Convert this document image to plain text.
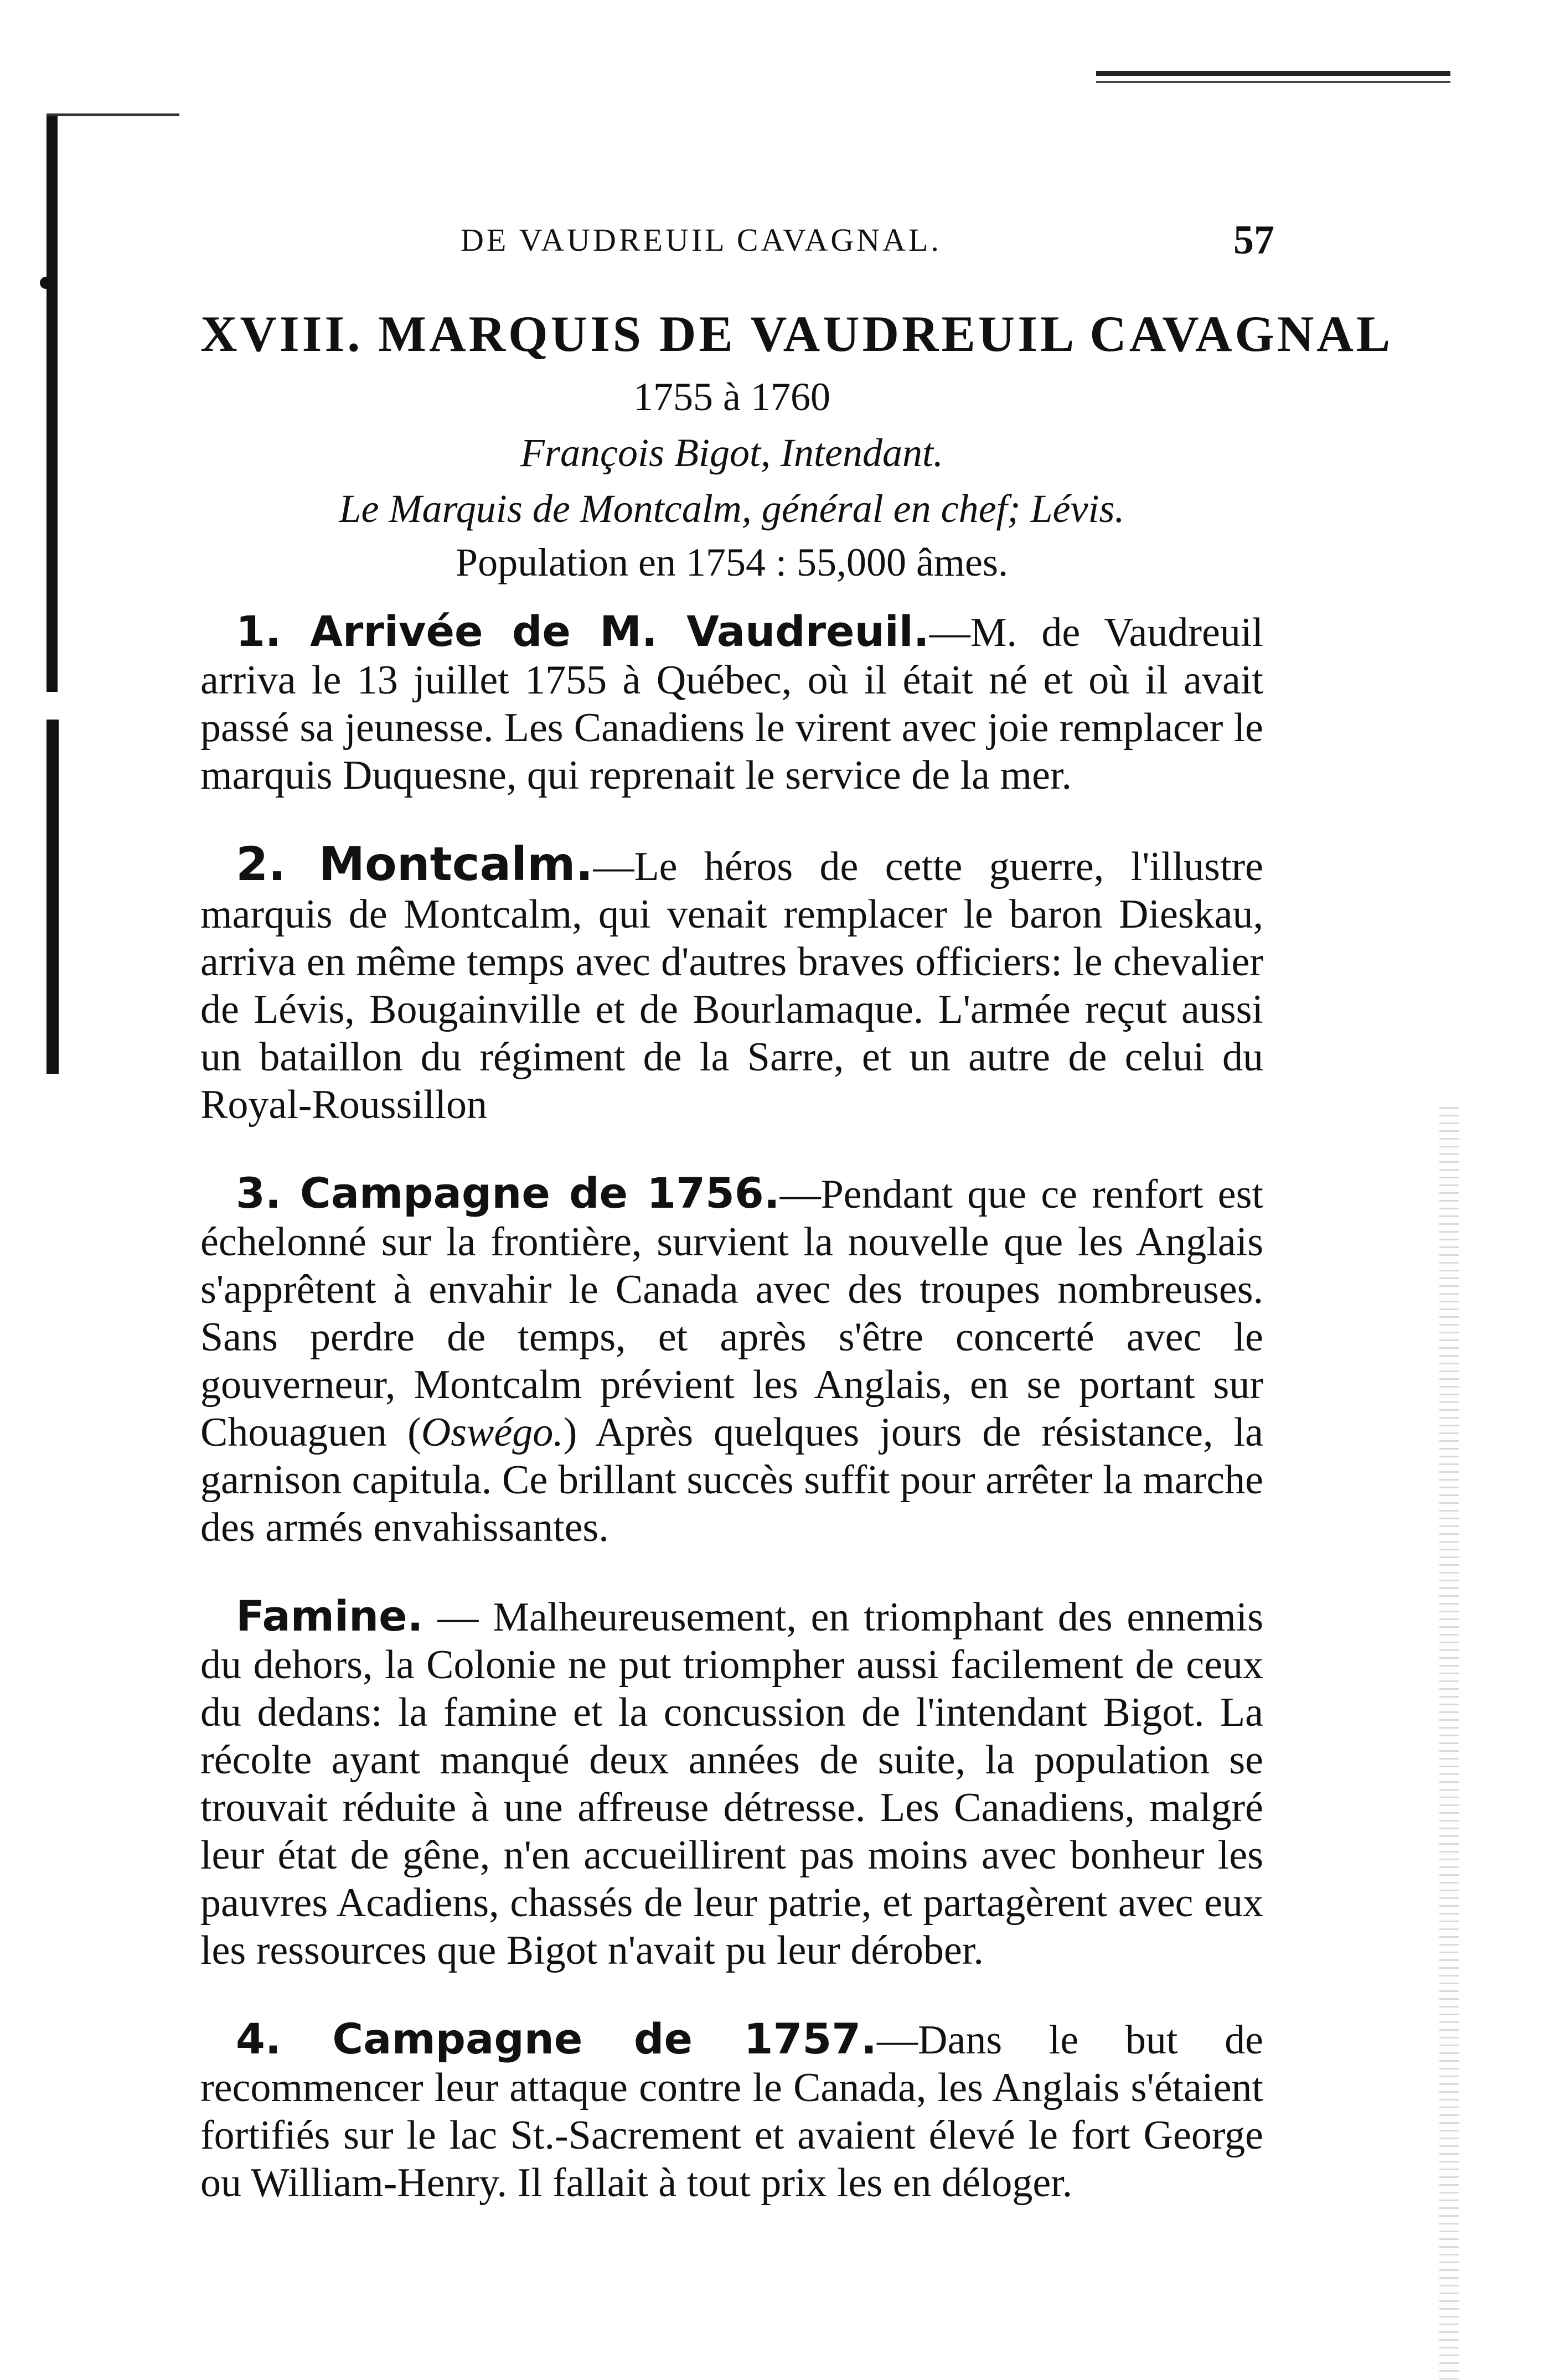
DE VAUDREUIL CAVAGNAL.	57
XVIII. MARQUIS DE VAUDREUIL CAVAGNAL
1755 à 1760
François Bigot, Intendant.
Le Marquis de Montcalm, général en chef; Lévis.
Population en 1754 : 55,000 âmes.

1. Arrivée de M. Vaudreuil.—M. de Vaudreuil arriva le 13 juillet 1755 à Québec, où il était né et où il avait passé sa jeunesse. Les Canadiens le virent avec joie remplacer le marquis Duquesne, qui reprenait le service de la mer.

2. Montcalm.—Le héros de cette guerre, l'illustre marquis de Montcalm, qui venait remplacer le baron Dieskau, arriva en même temps avec d'autres braves officiers: le chevalier de Lévis, Bougainville et de Bourlamaque. L'armée reçut aussi un bataillon du régiment de la Sarre, et un autre de celui du Royal-Roussillon

3. Campagne de 1756.—Pendant que ce renfort est échelonné sur la frontière, survient la nouvelle que les Anglais s'apprêtent à envahir le Canada avec des troupes nombreuses. Sans perdre de temps, et après s'être concerté avec le gouverneur, Montcalm prévient les Anglais, en se portant sur Chouaguen (Oswégo.) Après quelques jours de résistance, la garnison capitula. Ce brillant succès suffit pour arrêter la marche des armés envahissantes.

Famine. — Malheureusement, en triomphant des ennemis du dehors, la Colonie ne put triompher aussi facilement de ceux du dedans: la famine et la concussion de l'intendant Bigot. La récolte ayant manqué deux années de suite, la population se trouvait réduite à une affreuse détresse. Les Canadiens, malgré leur état de gêne, n'en accueillirent pas moins avec bonheur les pauvres Acadiens, chassés de leur patrie, et partagèrent avec eux les ressources que Bigot n'avait pu leur dérober.

4. Campagne de 1757.—Dans le but de recommencer leur attaque contre le Canada, les Anglais s'étaient fortifiés sur le lac St.-Sacrement et avaient élevé le fort George ou William-Henry. Il fallait à tout prix les en déloger.
